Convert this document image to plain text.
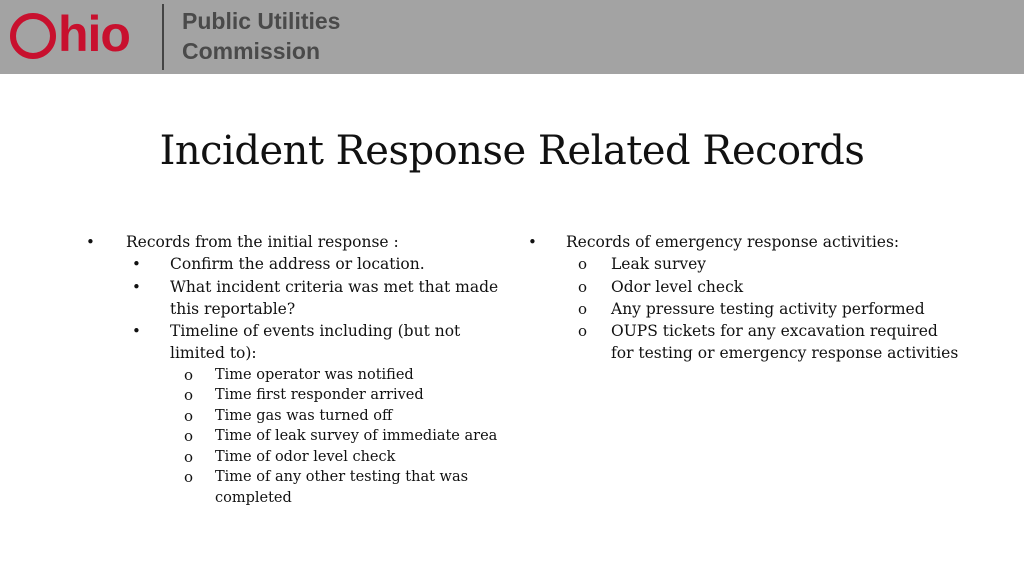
hio Public Utilities
Commission
Incident Response Related Records
• Records from the initial response :
• Confirm the address or location.
• What incident criteria was met that made this reportable?
• Timeline of events including (but not limited to):
o Time operator was notified
o Time first responder arrived
o Time gas was turned off
o Time of leak survey of immediate area
o Time of odor level check
o Time of any other testing that was completed
• Records of emergency response activities:
o Leak survey
o Odor level check
o Any pressure testing activity performed
o OUPS tickets for any excavation required for testing or emergency response activities
